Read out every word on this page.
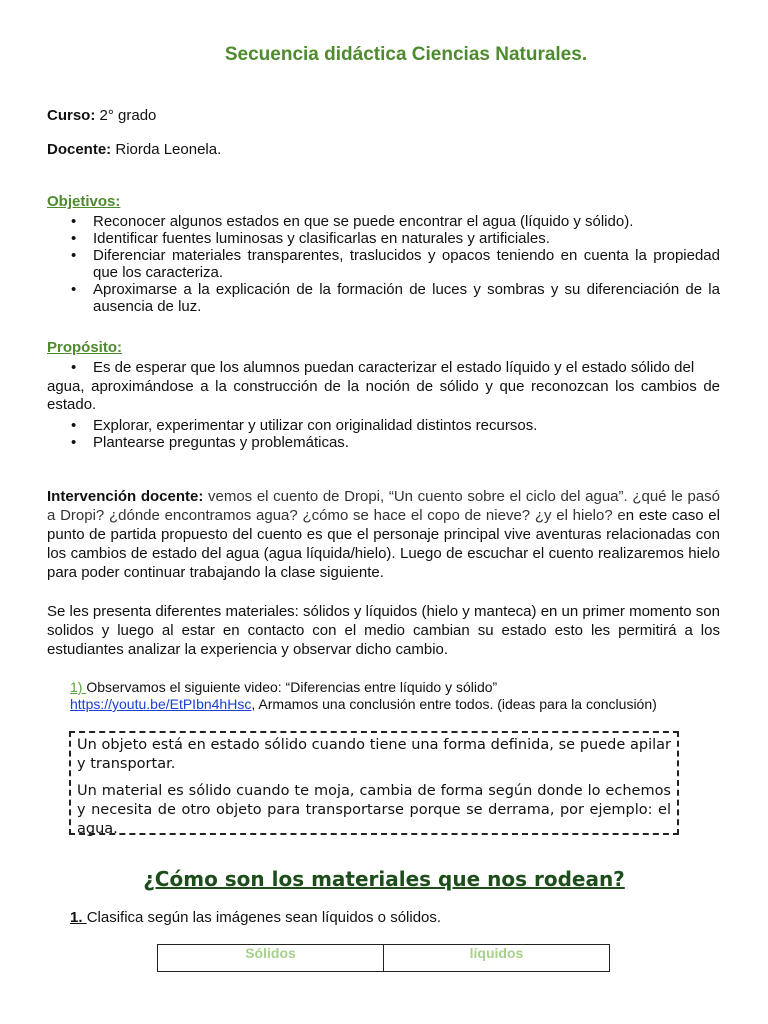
Secuencia didáctica Ciencias Naturales.
Curso: 2° grado
Docente: Riorda Leonela.
Objetivos:
• Reconocer algunos estados en que se puede encontrar el agua (líquido y sólido).
• Identificar fuentes luminosas y clasificarlas en naturales y artificiales.
• Diferenciar materiales transparentes, traslucidos y opacos teniendo en cuenta la propiedad que los caracteriza.
• Aproximarse a la explicación de la formación de luces y sombras y su diferenciación de la ausencia de luz.
Propósito:
• Es de esperar que los alumnos puedan caracterizar el estado líquido y el estado sólido del

agua, aproximándose a la construcción de la noción de sólido y que reconozcan los cambios de estado.

• Explorar, experimentar y utilizar con originalidad distintos recursos.
• Plantearse preguntas y problemáticas.

Intervención docente: vemos el cuento de Dropi, “Un cuento sobre el ciclo del agua”. ¿qué le pasó a Dropi? ¿dónde encontramos agua? ¿cómo se hace el copo de nieve? ¿y el hielo? en este caso el punto de partida propuesto del cuento es que el personaje principal vive aventuras relacionadas con los cambios de estado del agua (agua líquida/hielo). Luego de escuchar el cuento realizaremos hielo para poder continuar trabajando la clase siguiente.

Se les presenta diferentes materiales: sólidos y líquidos (hielo y manteca) en un primer momento son solidos y luego al estar en contacto con el medio cambian su estado esto les permitirá a los estudiantes analizar la experiencia y observar dicho cambio.

1) Observamos el siguiente video: “Diferencias entre líquido y sólido”
https://youtu.be/EtPIbn4hHsc, Armamos una conclusión entre todos. (ideas para la conclusión)

Un objeto está en estado sólido cuando tiene una forma definida, se puede apilar y transportar.

Un material es sólido cuando te moja, cambia de forma según donde lo echemos y necesita de otro objeto para transportarse porque se derrama, por ejemplo: el agua.

¿Cómo son los materiales que nos rodean?
1. Clasifica según las imágenes sean líquidos o sólidos.
Sólidos	líquidos
